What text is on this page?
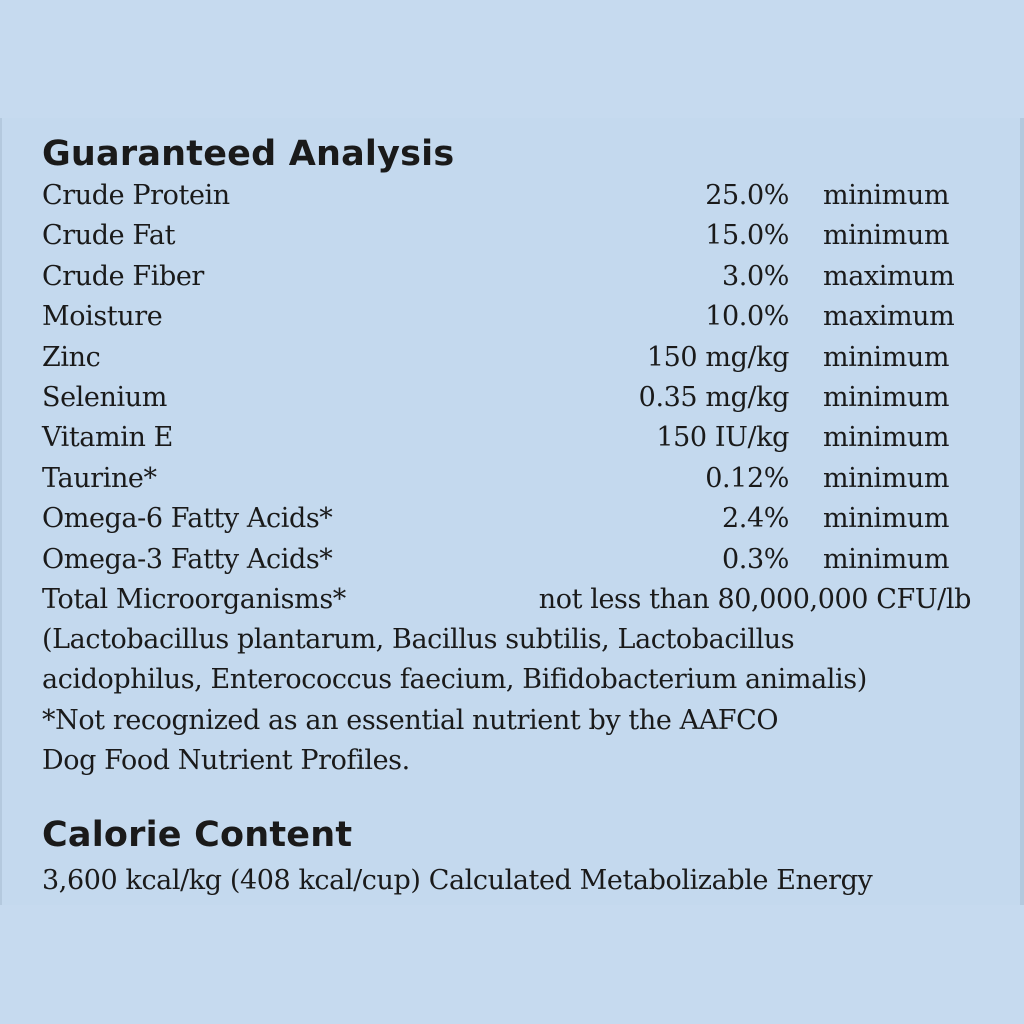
Guaranteed Analysis
Crude Protein	25.0% minimum
Crude Fat	15.0% minimum
Crude Fiber	3.0% maximum
Moisture	10.0% maximum
Zinc	150 mg/kg minimum
Selenium	0.35 mg/kg minimum
Vitamin E	150 IU/kg minimum
Taurine*	0.12% minimum
Omega-6 Fatty Acids*	2.4% minimum
Omega-3 Fatty Acids*	0.3% minimum
Total Microorganisms*	not less than 80,000,000 CFU/lb
(Lactobacillus plantarum, Bacillus subtilis, Lactobacillus
acidophilus, Enterococcus faecium, Bifidobacterium animalis)
*Not recognized as an essential nutrient by the AAFCO
Dog Food Nutrient Profiles.
Calorie Content
3,600 kcal/kg (408 kcal/cup) Calculated Metabolizable Energy
